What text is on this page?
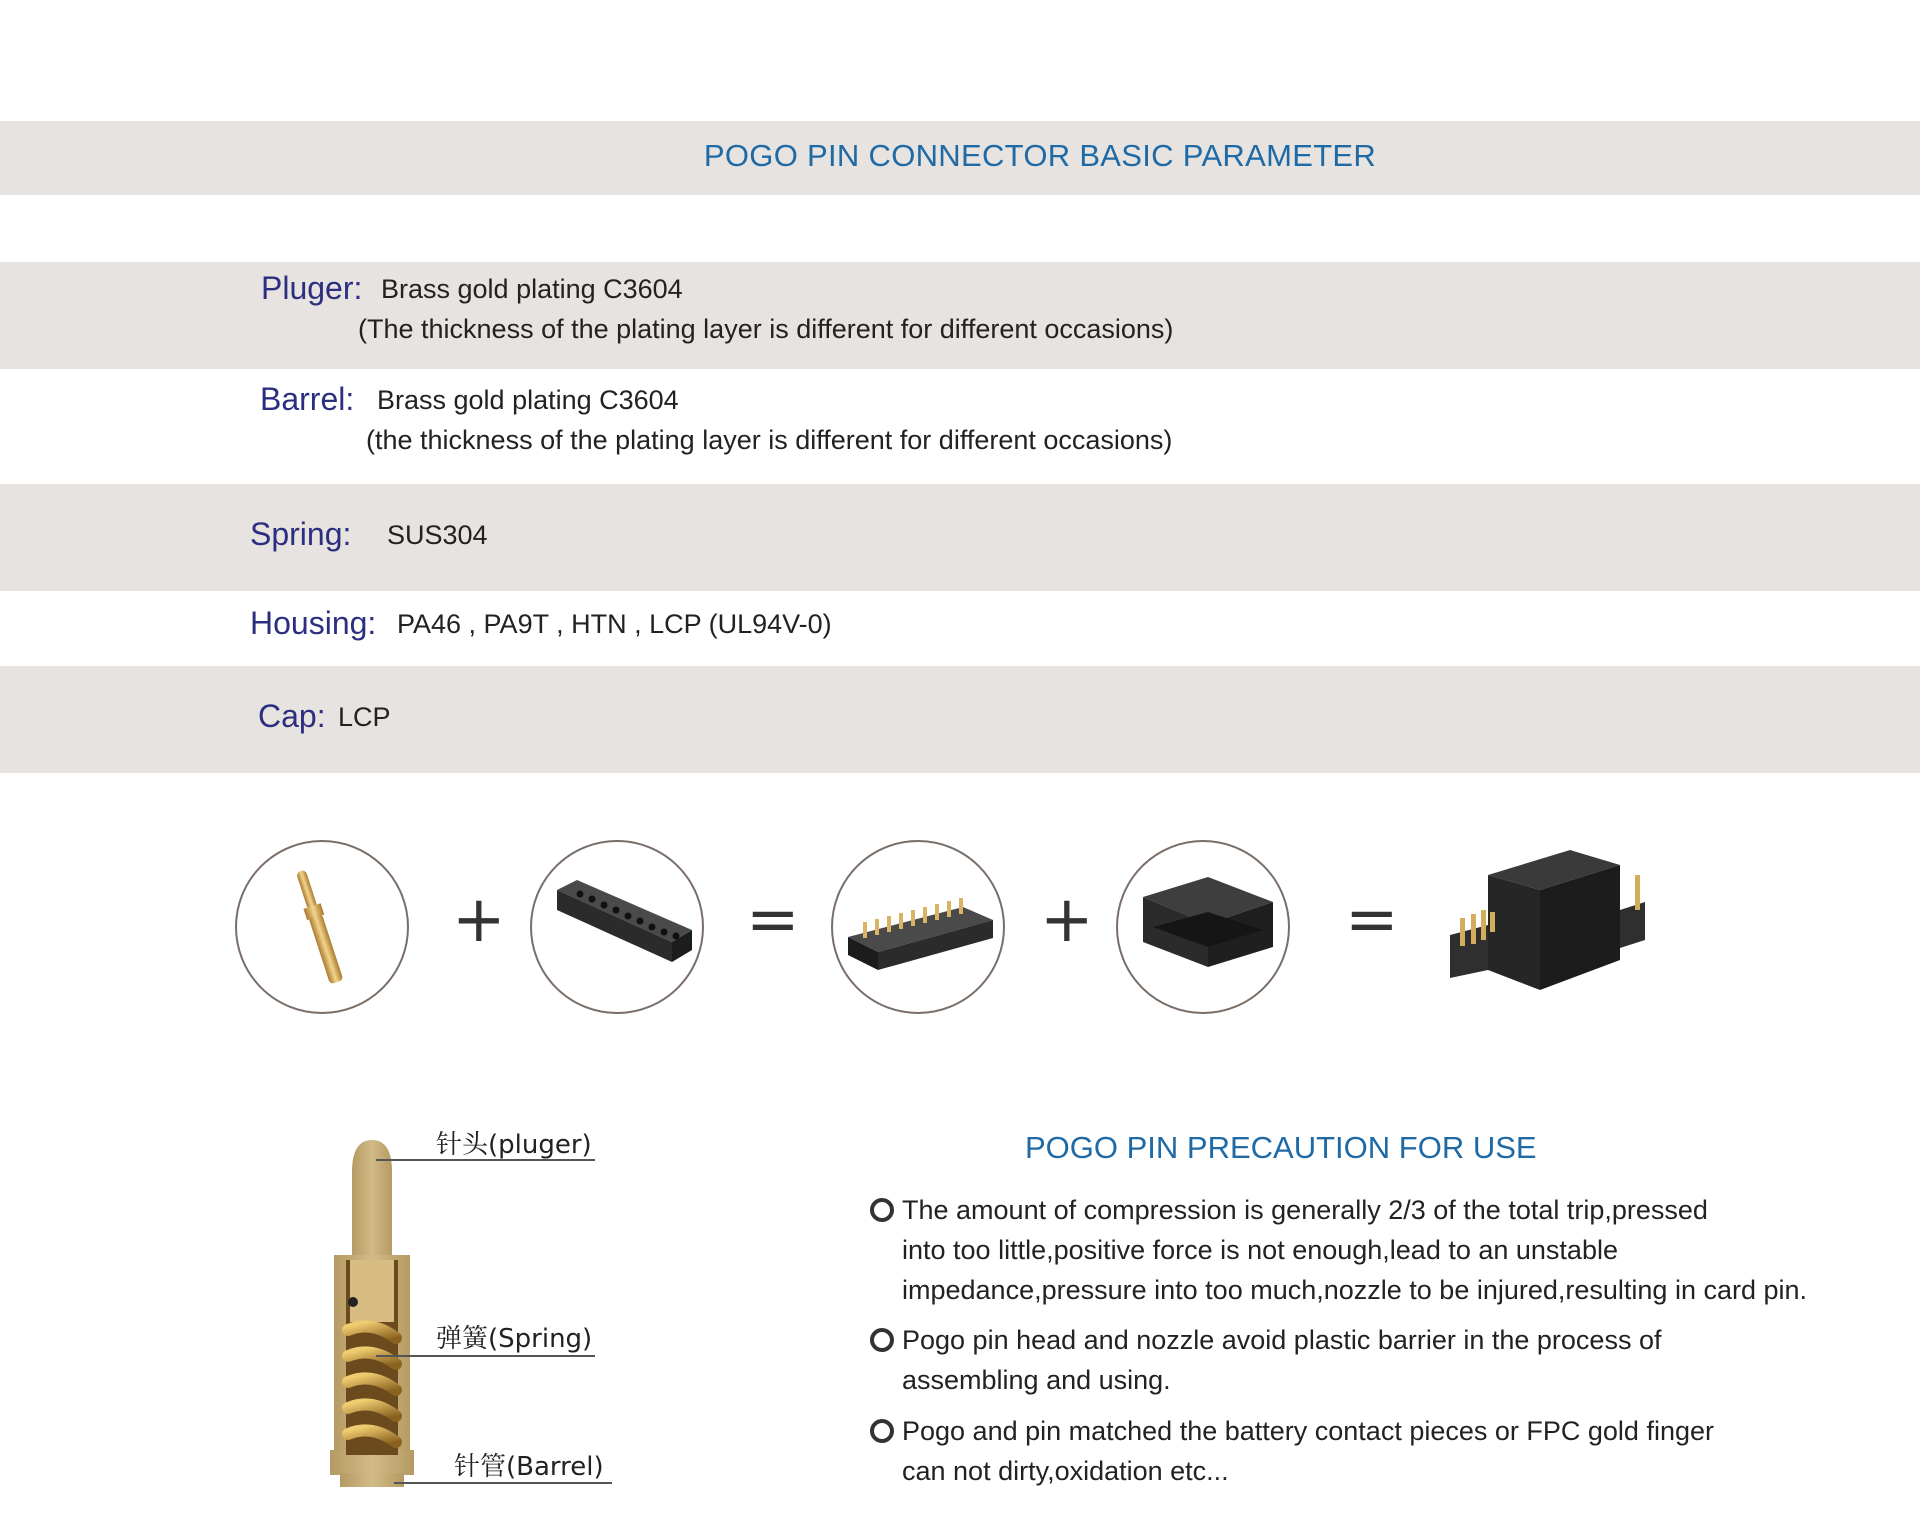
POGO PIN CONNECTOR BASIC PARAMETER
Pluger: Brass gold plating C3604
(The thickness of the plating layer is different for different occasions)
Barrel: Brass gold plating C3604
(the thickness of the plating layer is different for different occasions)
Spring: SUS304
Housing: PA46 , PA9T , HTN , LCP (UL94V-0)
Cap: LCP
+	=	+	=
针头(pluger)
弹簧(Spring)
针管(Barrel)
POGO PIN PRECAUTION FOR USE
The amount of compression is generally 2/3 of the total trip,pressed
into too little,positive force is not enough,lead to an unstable
impedance,pressure into too much,nozzle to be injured,resulting in card pin.
Pogo pin head and nozzle avoid plastic barrier in the process of
assembling and using.
Pogo and pin matched the battery contact pieces or FPC gold finger
can not dirty,oxidation etc...
